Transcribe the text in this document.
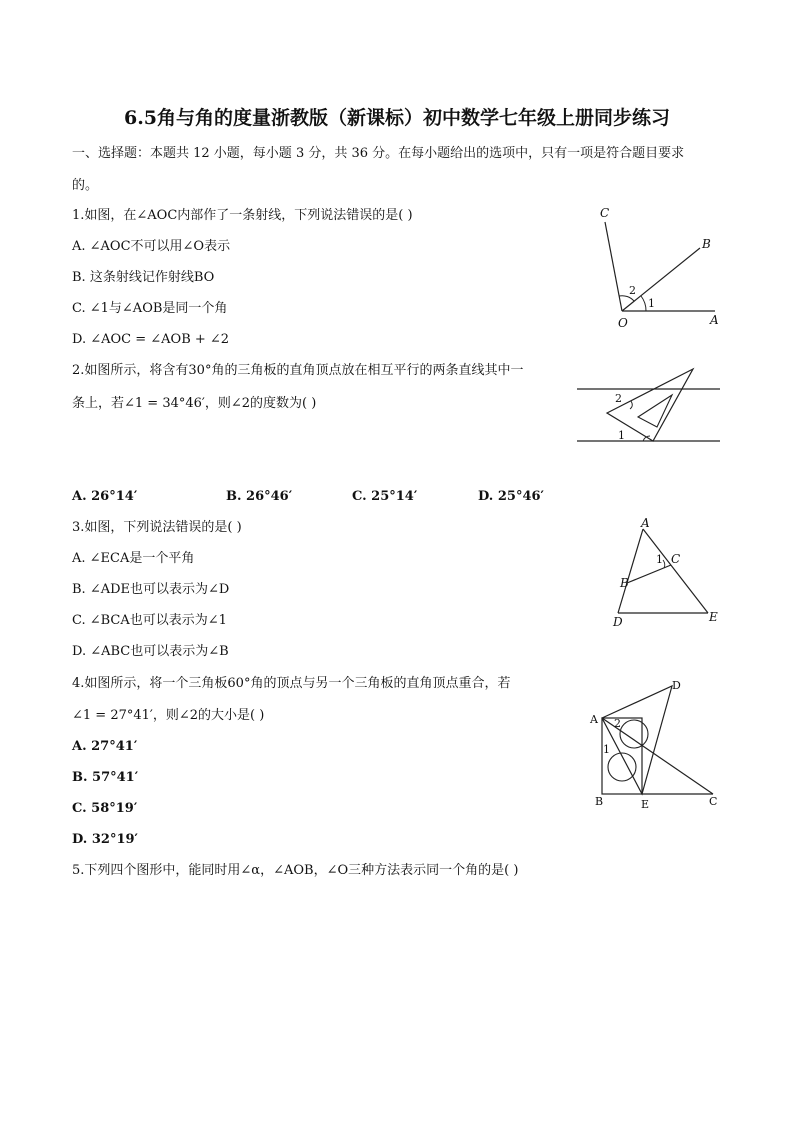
6.5角与角的度量浙教版（新课标）初中数学七年级上册同步练习
一、选择题：本题共 12 小题，每小题 3 分，共 36 分。在每小题给出的选项中，只有一项是符合题目要求
的。
1.如图，在∠AOC内部作了一条射线，下列说法错误的是( )
A. ∠AOC不可以用∠O表示
B. 这条射线记作射线BO
C. ∠1与∠AOB是同一个角
D. ∠AOC = ∠AOB + ∠2
C
B
O	A
2
1
2.如图所示，将含有30°角的三角板的直角顶点放在相互平行的两条直线其中一
条上，若∠1 = 34°46′，则∠2的度数为( )
A. 26°14′	B. 26°46′	C. 25°14′	D. 25°46′
2
1
3.如图，下列说法错误的是( )
A. ∠ECA是一个平角
B. ∠ADE也可以表示为∠D
C. ∠BCA也可以表示为∠1
D. ∠ABC也可以表示为∠B
A
C
B
D	E
1
4.如图所示，将一个三角板60°角的顶点与另一个三角板的直角顶点重合，若
∠1 = 27°41′，则∠2的大小是( )
A. 27°41′
B. 57°41′
C. 58°19′
D. 32°19′
D
A
B	E	C
2
1
5.下列四个图形中，能同时用∠α，∠AOB，∠O三种方法表示同一个角的是( )
